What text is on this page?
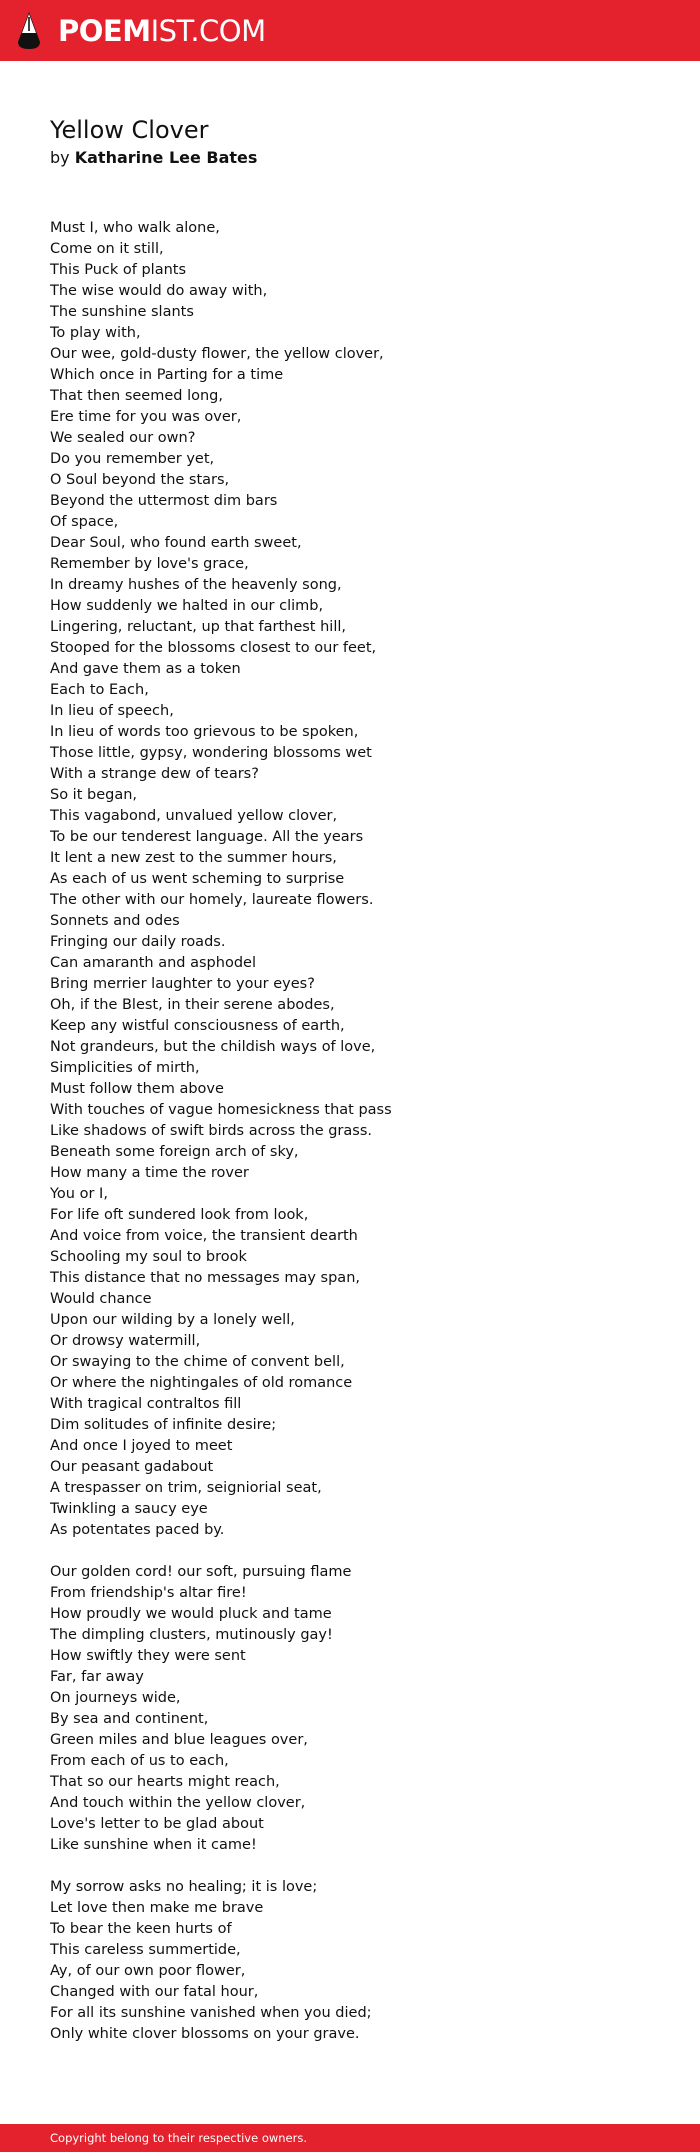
POEMIST.COM
Yellow Clover

by Katharine Lee Bates

Must I, who walk alone,
Come on it still,
This Puck of plants
The wise would do away with,
The sunshine slants
To play with,
Our wee, gold-dusty flower, the yellow clover,
Which once in Parting for a time
That then seemed long,
Ere time for you was over,
We sealed our own?
Do you remember yet,
O Soul beyond the stars,
Beyond the uttermost dim bars
Of space,
Dear Soul, who found earth sweet,
Remember by love's grace,
In dreamy hushes of the heavenly song,
How suddenly we halted in our climb,
Lingering, reluctant, up that farthest hill,
Stooped for the blossoms closest to our feet,
And gave them as a token
Each to Each,
In lieu of speech,
In lieu of words too grievous to be spoken,
Those little, gypsy, wondering blossoms wet
With a strange dew of tears?
So it began,
This vagabond, unvalued yellow clover,
To be our tenderest language. All the years
It lent a new zest to the summer hours,
As each of us went scheming to surprise
The other with our homely, laureate flowers.
Sonnets and odes
Fringing our daily roads.
Can amaranth and asphodel
Bring merrier laughter to your eyes?
Oh, if the Blest, in their serene abodes,
Keep any wistful consciousness of earth,
Not grandeurs, but the childish ways of love,
Simplicities of mirth,
Must follow them above
With touches of vague homesickness that pass
Like shadows of swift birds across the grass.
Beneath some foreign arch of sky,
How many a time the rover
You or I,
For life oft sundered look from look,
And voice from voice, the transient dearth
Schooling my soul to brook
This distance that no messages may span,
Would chance
Upon our wilding by a lonely well,
Or drowsy watermill,
Or swaying to the chime of convent bell,
Or where the nightingales of old romance
With tragical contraltos fill
Dim solitudes of infinite desire;
And once I joyed to meet
Our peasant gadabout
A trespasser on trim, seigniorial seat,
Twinkling a saucy eye
As potentates paced by.

Our golden cord! our soft, pursuing flame
From friendship's altar fire!
How proudly we would pluck and tame
The dimpling clusters, mutinously gay!
How swiftly they were sent
Far, far away
On journeys wide,
By sea and continent,
Green miles and blue leagues over,
From each of us to each,
That so our hearts might reach,
And touch within the yellow clover,
Love's letter to be glad about
Like sunshine when it came!

My sorrow asks no healing; it is love;
Let love then make me brave
To bear the keen hurts of
This careless summertide,
Ay, of our own poor flower,
Changed with our fatal hour,
For all its sunshine vanished when you died;
Only white clover blossoms on your grave.

Copyright belong to their respective owners.
